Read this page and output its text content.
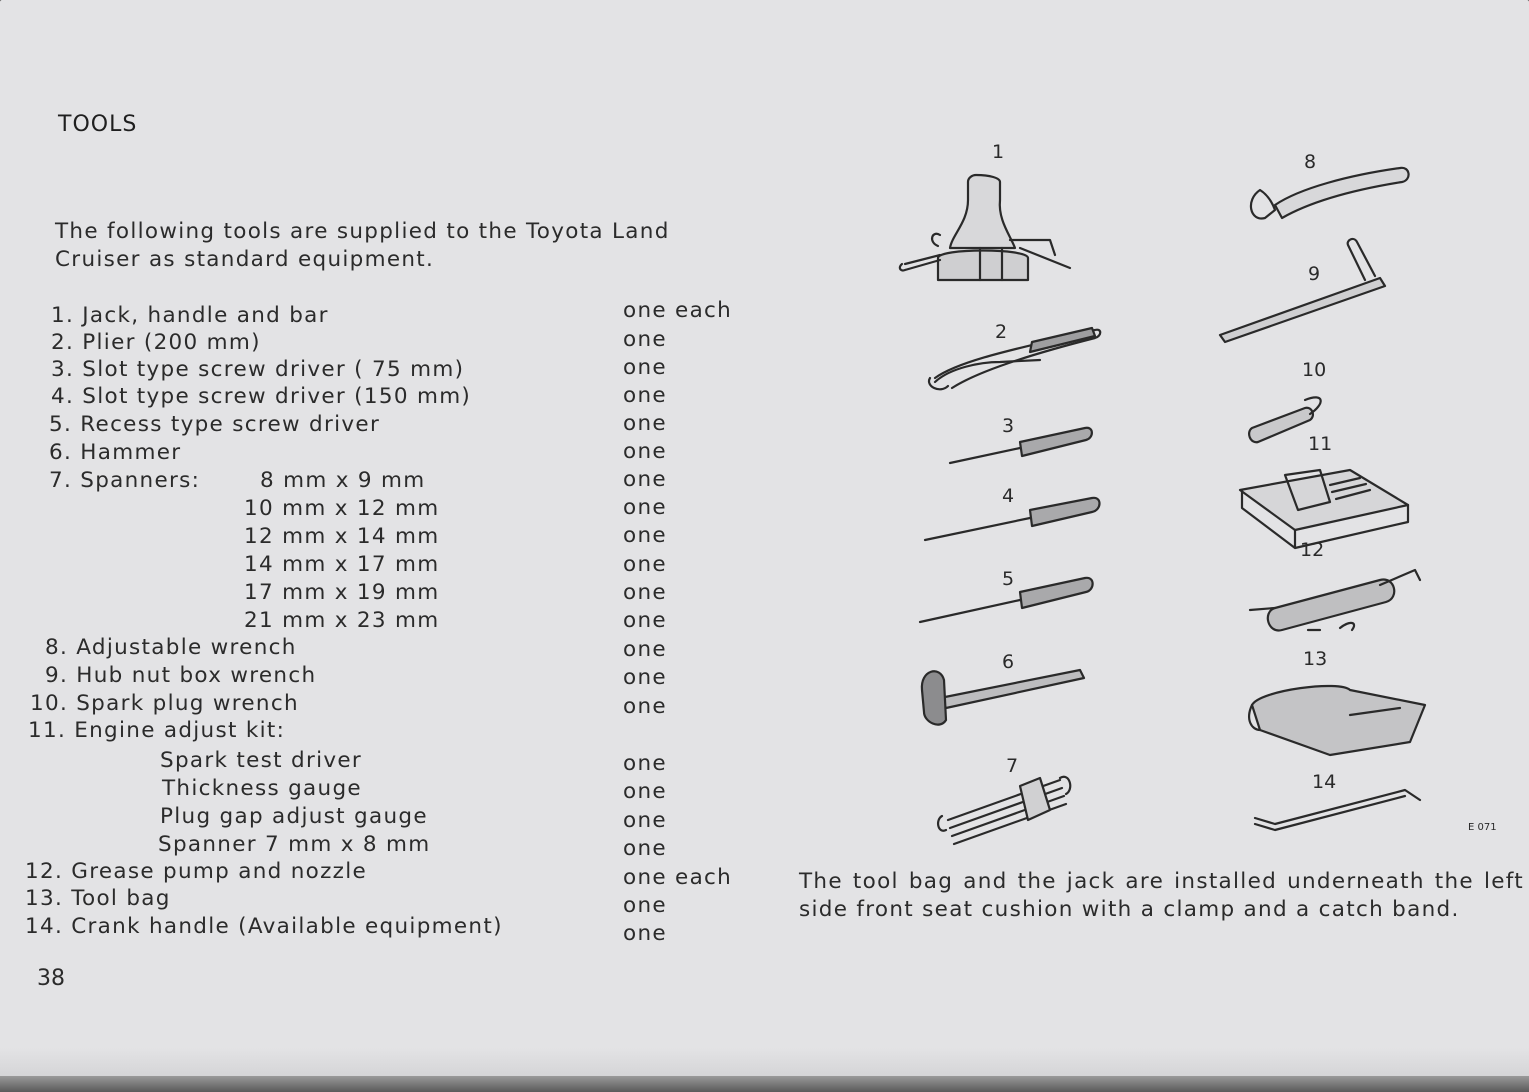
TOOLS
The following tools are supplied to the Toyota Land Cruiser as standard equipment.
1. Jack, handle and bar	one each
2. Plier (200 mm)	one
3. Slot type screw driver ( 75 mm)	one
4. Slot type screw driver (150 mm)	one
5. Recess type screw driver	one
6. Hammer	one
7. Spanners:	8 mm x 9 mm	one
10 mm x 12 mm	one
12 mm x 14 mm	one
14 mm x 17 mm	one
17 mm x 19 mm	one
21 mm x 23 mm	one
8. Adjustable wrench	one
9. Hub nut box wrench	one
10. Spark plug wrench	one
11. Engine adjust kit:
Spark test driver	one
Thickness gauge	one
Plug gap adjust gauge	one
Spanner 7 mm x 8 mm	one
12. Grease pump and nozzle	one each
13. Tool bag	one
14. Crank handle (Available equipment)	one
38
1
2
3
4
5
6
7
8
9
10
11
12
13
14
E 071
The tool bag and the jack are installed underneath the left side front seat cushion with a clamp and a catch band.
